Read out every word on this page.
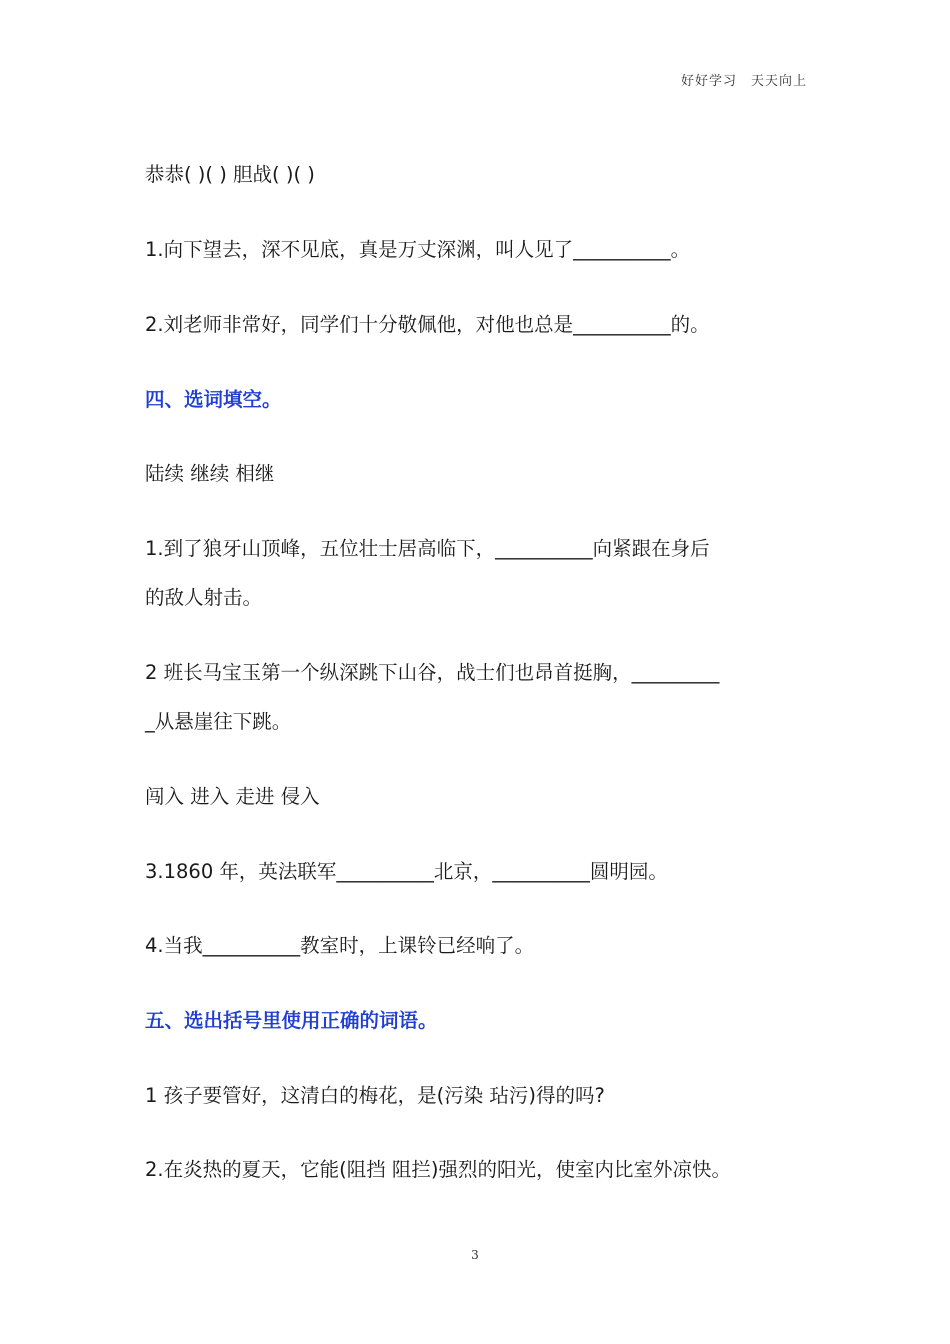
好好学习　天天向上
恭恭( )( ) 胆战( )( )
1.向下望去，深不见底，真是万丈深渊，叫人见了__________。
2.刘老师非常好，同学们十分敬佩他，对他也总是__________的。
四、选词填空。
陆续 继续 相继
1.到了狼牙山顶峰，五位壮士居高临下，__________向紧跟在身后
的敌人射击。
2 班长马宝玉第一个纵深跳下山谷，战士们也昂首挺胸，_________
_从悬崖往下跳。
闯入 进入 走进 侵入
3.1860 年，英法联军__________北京，__________圆明园。
4.当我__________教室时，上课铃已经响了。
五、选出括号里使用正确的词语。
1 孩子要管好，这清白的梅花，是(污染 玷污)得的吗?
2.在炎热的夏天，它能(阻挡 阻拦)强烈的阳光，使室内比室外凉快。
3
